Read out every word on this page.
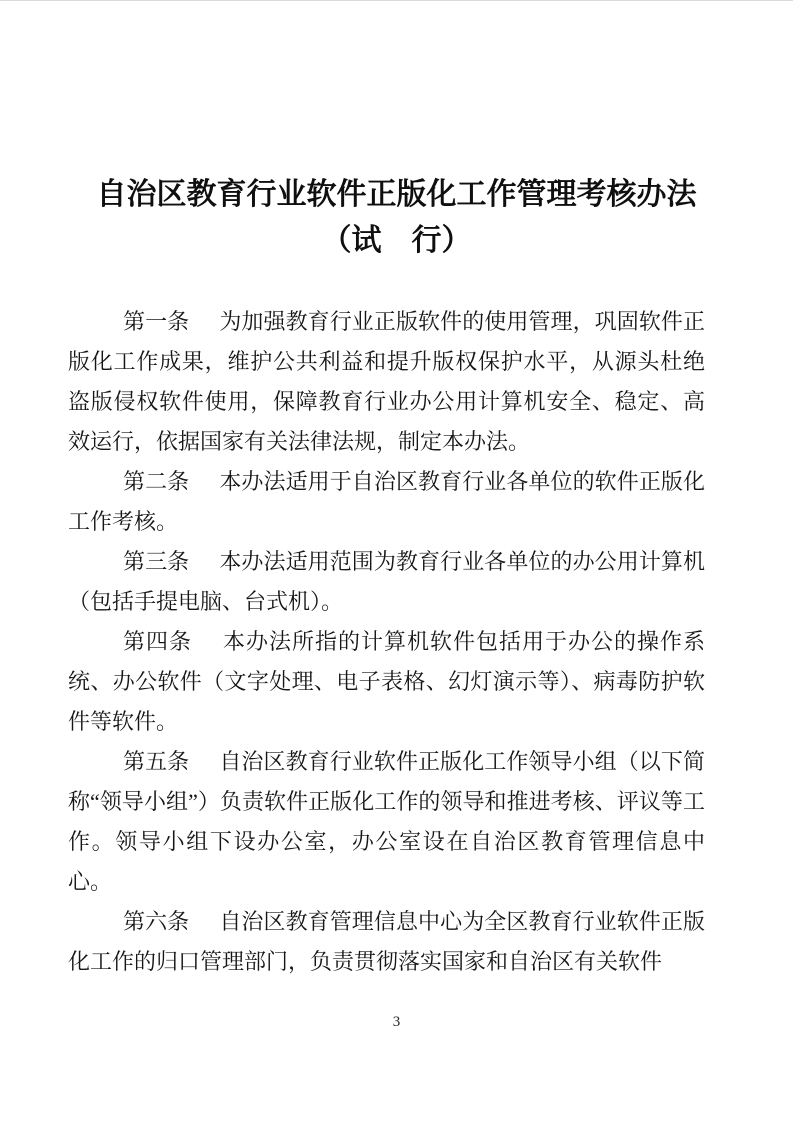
自治区教育行业软件正版化工作管理考核办法
（试　行）

第一条 为加强教育行业正版软件的使用管理，巩固软件正版化工作成果，维护公共利益和提升版权保护水平，从源头杜绝盗版侵权软件使用，保障教育行业办公用计算机安全、稳定、高效运行，依据国家有关法律法规，制定本办法。

第二条 本办法适用于自治区教育行业各单位的软件正版化工作考核。

第三条 本办法适用范围为教育行业各单位的办公用计算机（包括手提电脑、台式机）。

第四条 本办法所指的计算机软件包括用于办公的操作系统、办公软件（文字处理、电子表格、幻灯演示等）、病毒防护软件等软件。

第五条 自治区教育行业软件正版化工作领导小组（以下简称“领导小组”）负责软件正版化工作的领导和推进考核、评议等工作。领导小组下设办公室，办公室设在自治区教育管理信息中心。

第六条 自治区教育管理信息中心为全区教育行业软件正版化工作的归口管理部门，负责贯彻落实国家和自治区有关软件

3
